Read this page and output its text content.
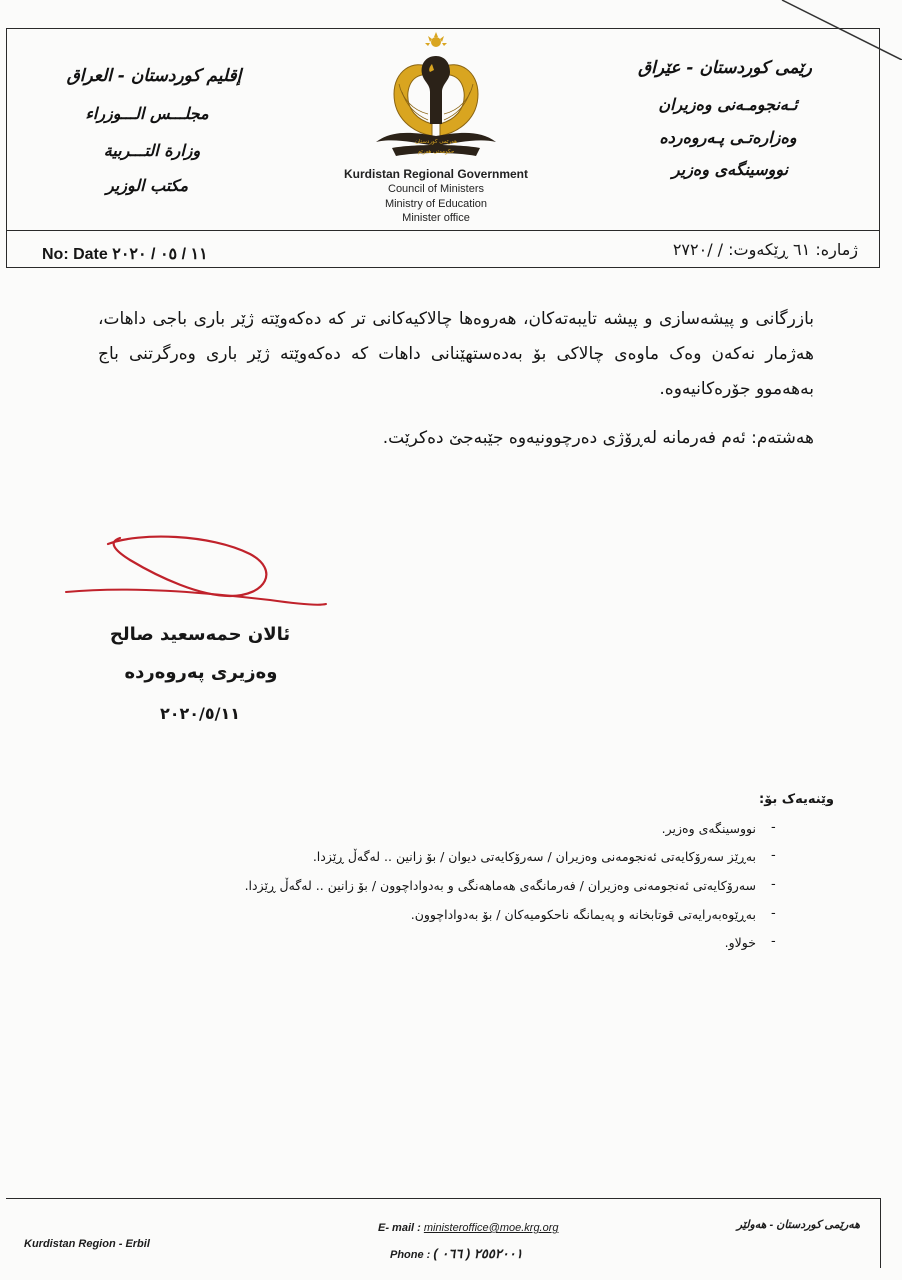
إقليم كوردستان - العراق
مجلـــس الـــوزراء
وزارة التـــربية
مكتب الوزير
رێمی کوردستان - عێراق
ئـەنجومـەنی وەزیران
وەزارەتـی پـەروەردە
نووسینگەی وەزیر
هەرێمی کوردستان
حکومەتی هەرێم
Kurdistan Regional Government
Council of Ministers
Ministry of Education
Minister office
No: Date ١١ / ٠٥ / ٢٠٢٠	ژمارە: ٦١ ڕێکەوت: / /٢٧٢٠
بازرگانی و پیشەسازی و پیشە تایبەتەکان، هەروەها چالاکیەکانی تر کە دەکەوێتە ژێر باری باجی داهات، هەژمار نەکەن وەک ماوەی چالاکی بۆ بەدەستهێنانی داهات کە دەکەوێتە ژێر باری وەرگرتنی باج بەهەموو جۆرەکانیەوە.
هەشتەم: ئەم فەرمانە لەڕۆژی دەرچوونیەوە جێبەجێ دەکرێت.
ئالان حمەسعید صالح
وەزیری پەروەردە
٢٠٢٠/٥/١١
وێنەیەک بۆ:
نووسینگەی وەزیر. -
بەڕێز سەرۆکایەتی ئەنجومەنی وەزیران / سەرۆکایەتی دیوان / بۆ زانین .. لەگەڵ ڕێزدا. -
سەرۆکایەتی ئەنجومەنی وەزیران / فەرمانگەی هەماهەنگی و بەدواداچوون / بۆ زانین .. لەگەڵ ڕێزدا. -
بەڕێوەبەرایەتی قوتابخانە و پەیمانگە ناحکومیەکان / بۆ بەدواداچوون. -
خولاو. -
Kurdistan Region - Erbil
E- mail : ministeroffice@moe.krg.org
Phone : ( ٠٦٦ ) ٢٥٥٢٠٠١
هەرێمی کوردستان - هەولێر
